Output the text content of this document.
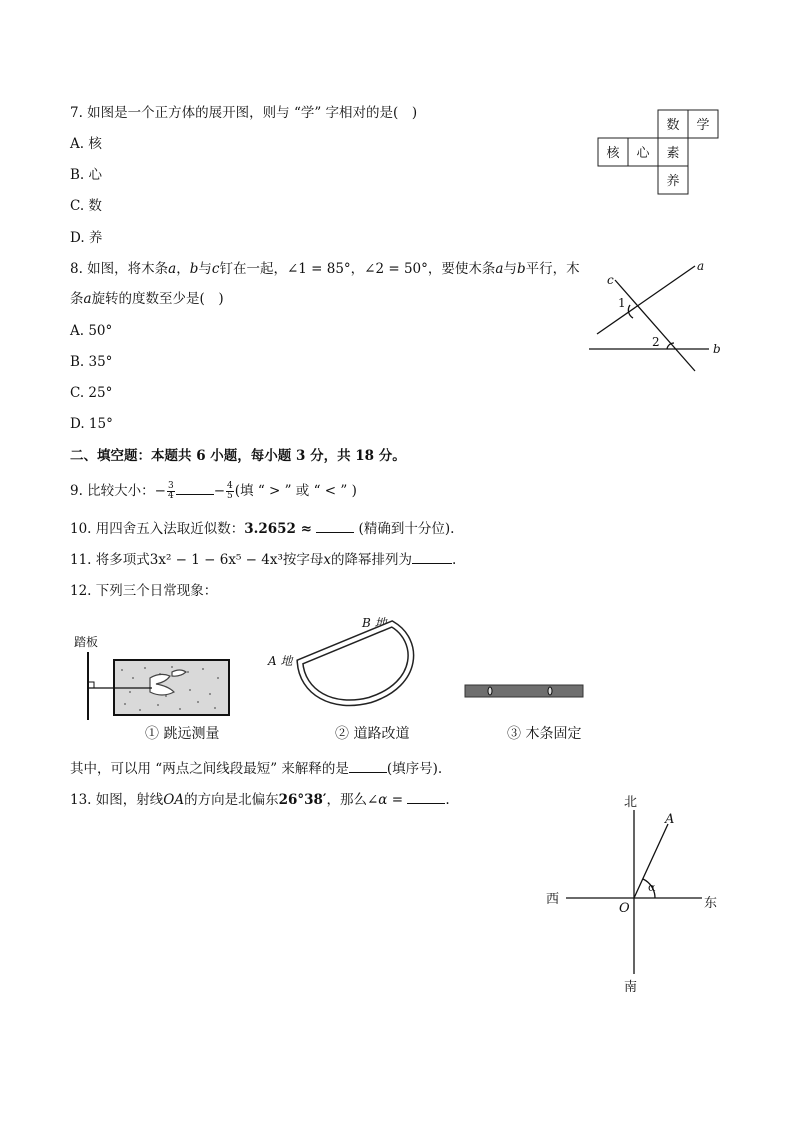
7. 如图是一个正方体的展开图，则与 “学” 字相对的是(　)
A. 核
B. 心
C. 数
D. 养
数 学
核 心 素
养
8. 如图，将木条a，b与c钉在一起，∠1 = 85°，∠2 = 50°，要使木条a与b平行，木
条a旋转的度数至少是(　)
A. 50°
B. 35°
C. 25°
D. 15°
c
a
b
1
2
二、填空题：本题共 6 小题，每小题 3 分，共 18 分。
9. 比较大小：− $\frac{3}{4}$	− $\frac{4}{5}$ (填 “ > ” 或 “ < ” )
10. 用四舍五入法取近似数：3.2652 ≈	(精确到十分位).
11. 将多项式3x² − 1 − 6x⁵ − 4x³按字母x的降幂排列为	.
12. 下列三个日常现象：
踏板
A 地
B 地
① 跳远测量	② 道路改道	③ 木条固定
其中，可以用 “两点之间线段最短” 来解释的是	(填序号).
13. 如图，射线OA的方向是北偏东26°38′，那么∠α =	.	北
南
东
西
O
A
α
